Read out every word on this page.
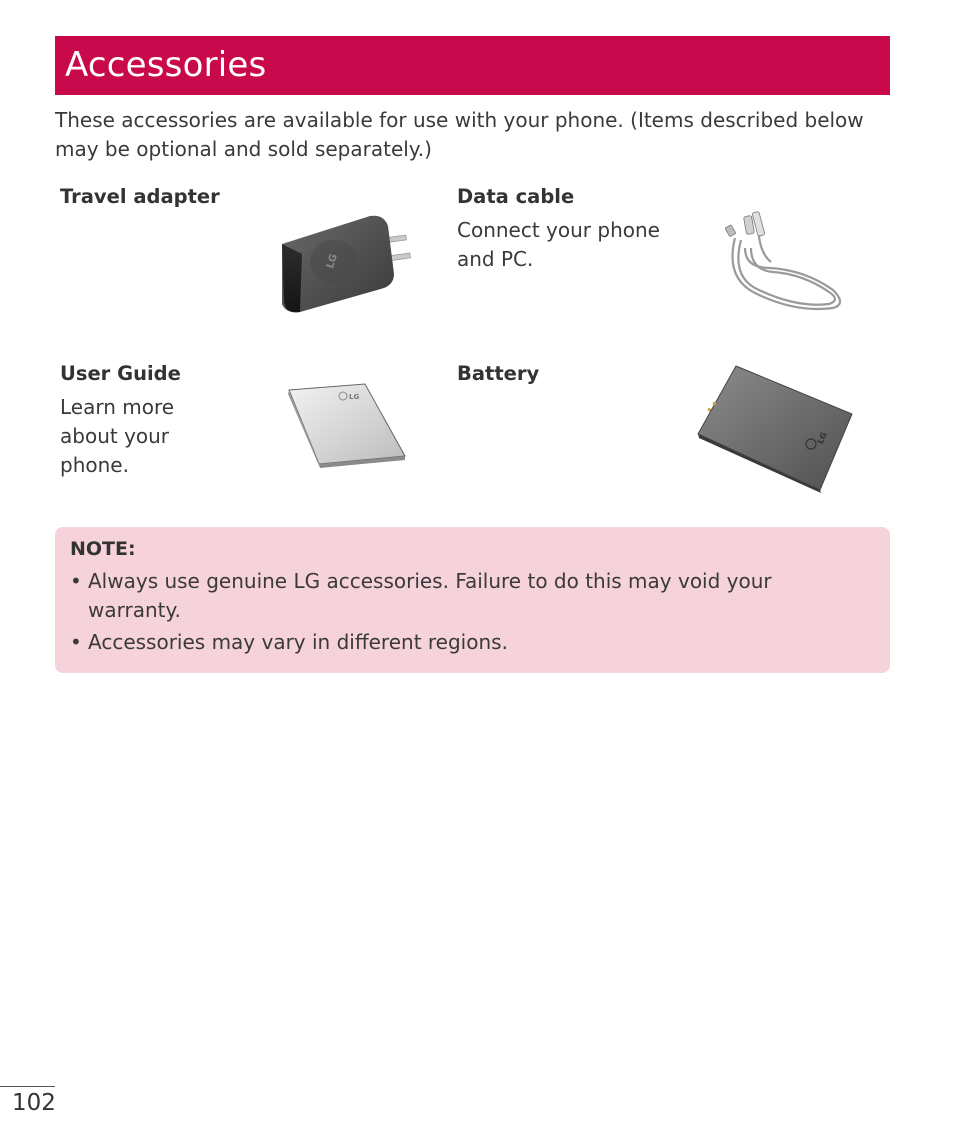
Accessories
These accessories are available for use with your phone. (Items described below may be optional and sold separately.)
Travel adapter
LG
Data cable
Connect your phone and PC.
User Guide
Learn more about your phone.
LG
Battery
LG
NOTE:
• Always use genuine LG accessories. Failure to do this may void your warranty.
• Accessories may vary in different regions.
102
